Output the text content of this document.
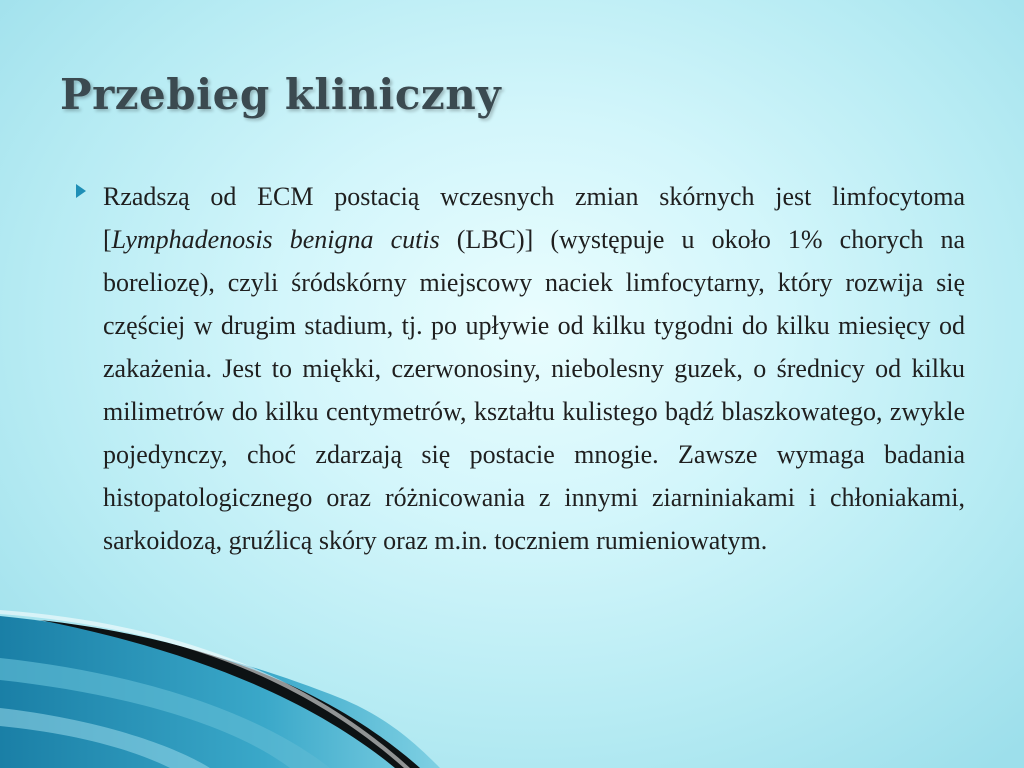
Przebieg kliniczny

Rzadszą od ECM postacią wczesnych zmian skórnych jest limfocytoma [Lymphadenosis benigna cutis (LBC)] (występuje u około 1% chorych na boreliozę), czyli śródskórny miejscowy naciek limfocytarny, który rozwija się częściej w drugim stadium, tj. po upływie od kilku tygodni do kilku miesięcy od zakażenia. Jest to miękki, czerwonosiny, niebolesny guzek, o średnicy od kilku milimetrów do kilku centymetrów, kształtu kulistego bądź blaszkowatego, zwykle pojedynczy, choć zdarzają się postacie mnogie. Zawsze wymaga badania histopatologicznego oraz różnicowania z innymi ziarniniakami i chłoniakami, sarkoidozą, gruźlicą skóry oraz m.in. toczniem rumieniowatym.
